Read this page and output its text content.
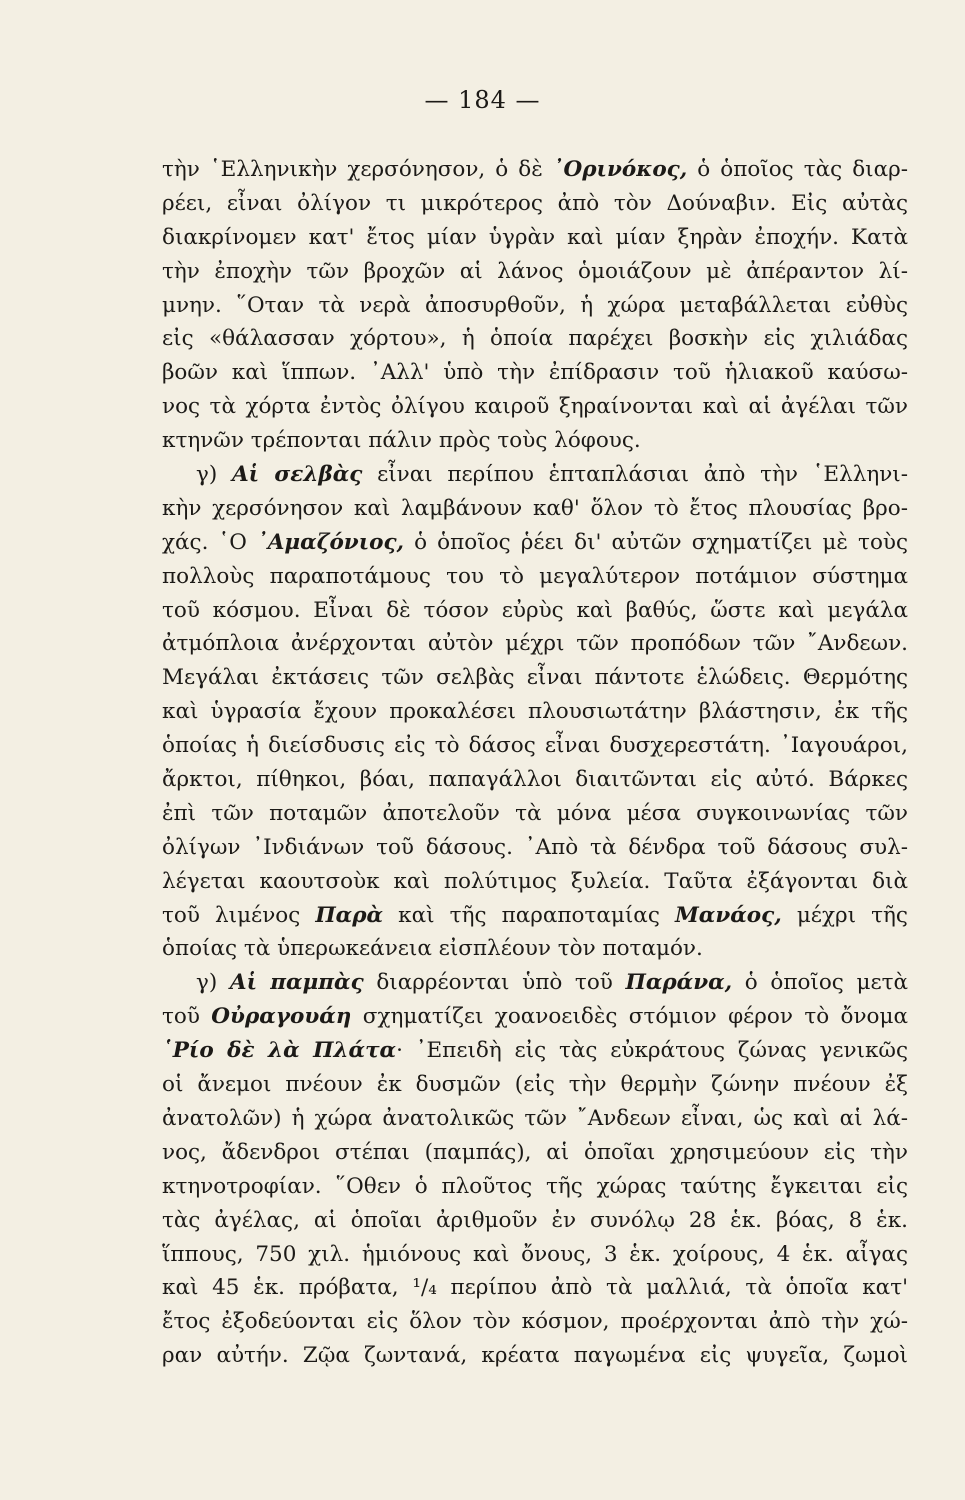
— 184 —
τὴν ῾Ελληνικὴν χερσόνησον, ὁ δὲ ᾿Ορινόκος, ὁ ὁποῖος τὰς διαρ-
ρέει, εἶναι ὀλίγον τι μικρότερος ἀπὸ τὸν Δούναβιν. Εἰς αὐτὰς
διακρίνομεν κατ' ἔτος μίαν ὑγρὰν καὶ μίαν ξηρὰν ἐποχήν. Κατὰ
τὴν ἐποχὴν τῶν βροχῶν αἱ λάνος ὁμοιάζουν μὲ ἀπέραντον λί-
μνην. ῞Οταν τὰ νερὰ ἀποσυρθοῦν, ἡ χώρα μεταβάλλεται εὐθὺς
εἰς «θάλασσαν χόρτου», ἡ ὁποία παρέχει βοσκὴν εἰς χιλιάδας
βοῶν καὶ ἵππων. ᾿Αλλ' ὑπὸ τὴν ἐπίδρασιν τοῦ ἡλιακοῦ καύσω-
νος τὰ χόρτα ἐντὸς ὀλίγου καιροῦ ξηραίνονται καὶ αἱ ἀγέλαι τῶν
κτηνῶν τρέπονται πάλιν πρὸς τοὺς λόφους.
γ) Αἱ σελβὰς εἶναι περίπου ἑπταπλάσιαι ἀπὸ τὴν ῾Ελληνι-
κὴν χερσόνησον καὶ λαμβάνουν καθ' ὅλον τὸ ἔτος πλουσίας βρο-
χάς. ῾Ο ᾿Αμαζόνιος, ὁ ὁποῖος ῥέει δι' αὐτῶν σχηματίζει μὲ τοὺς
πολλοὺς παραποτάμους του τὸ μεγαλύτερον ποτάμιον σύστημα
τοῦ κόσμου. Εἶναι δὲ τόσον εὐρὺς καὶ βαθύς, ὥστε καὶ μεγάλα
ἀτμόπλοια ἀνέρχονται αὐτὸν μέχρι τῶν προπόδων τῶν ῎Ανδεων.
Μεγάλαι ἐκτάσεις τῶν σελβὰς εἶναι πάντοτε ἑλώδεις. Θερμότης
καὶ ὑγρασία ἔχουν προκαλέσει πλουσιωτάτην βλάστησιν, ἐκ τῆς
ὁποίας ἡ διείσδυσις εἰς τὸ δάσος εἶναι δυσχερεστάτη. ᾿Ιαγουάροι,
ἄρκτοι, πίθηκοι, βόαι, παπαγάλλοι διαιτῶνται εἰς αὐτό. Βάρκες
ἐπὶ τῶν ποταμῶν ἀποτελοῦν τὰ μόνα μέσα συγκοινωνίας τῶν
ὀλίγων ᾿Ινδιάνων τοῦ δάσους. ᾿Απὸ τὰ δένδρα τοῦ δάσους συλ-
λέγεται καουτσοὺκ καὶ πολύτιμος ξυλεία. Ταῦτα ἐξάγονται διὰ
τοῦ λιμένος Παρὰ καὶ τῆς παραποταμίας Μανάος, μέχρι τῆς
ὁποίας τὰ ὑπερωκεάνεια εἰσπλέουν τὸν ποταμόν.
γ) Αἱ παμπὰς διαρρέονται ὑπὸ τοῦ Παράνα, ὁ ὁποῖος μετὰ
τοῦ Οὐραγουάη σχηματίζει χοανοειδὲς στόμιον φέρον τὸ ὄνομα
῾Ρίο δὲ λὰ Πλάτα· ᾿Επειδὴ εἰς τὰς εὐκράτους ζώνας γενικῶς
οἱ ἄνεμοι πνέουν ἐκ δυσμῶν (εἰς τὴν θερμὴν ζώνην πνέουν ἐξ
ἀνατολῶν) ἡ χώρα ἀνατολικῶς τῶν ῎Ανδεων εἶναι, ὡς καὶ αἱ λά-
νος, ἄδενδροι στέπαι (παμπάς), αἱ ὁποῖαι χρησιμεύουν εἰς τὴν
κτηνοτροφίαν. ῞Οθεν ὁ πλοῦτος τῆς χώρας ταύτης ἔγκειται εἰς
τὰς ἀγέλας, αἱ ὁποῖαι ἀριθμοῦν ἐν συνόλῳ 28 ἑκ. βόας, 8 ἑκ.
ἵππους, 750 χιλ. ἡμιόνους καὶ ὄνους, 3 ἑκ. χοίρους, 4 ἑκ. αἶγας
καὶ 45 ἑκ. πρόβατα, ¹/₄ περίπου ἀπὸ τὰ μαλλιά, τὰ ὁποῖα κατ'
ἔτος ἐξοδεύονται εἰς ὅλον τὸν κόσμον, προέρχονται ἀπὸ τὴν χώ-
ραν αὐτήν. Ζῷα ζωντανά, κρέατα παγωμένα εἰς ψυγεῖα, ζωμοὶ
